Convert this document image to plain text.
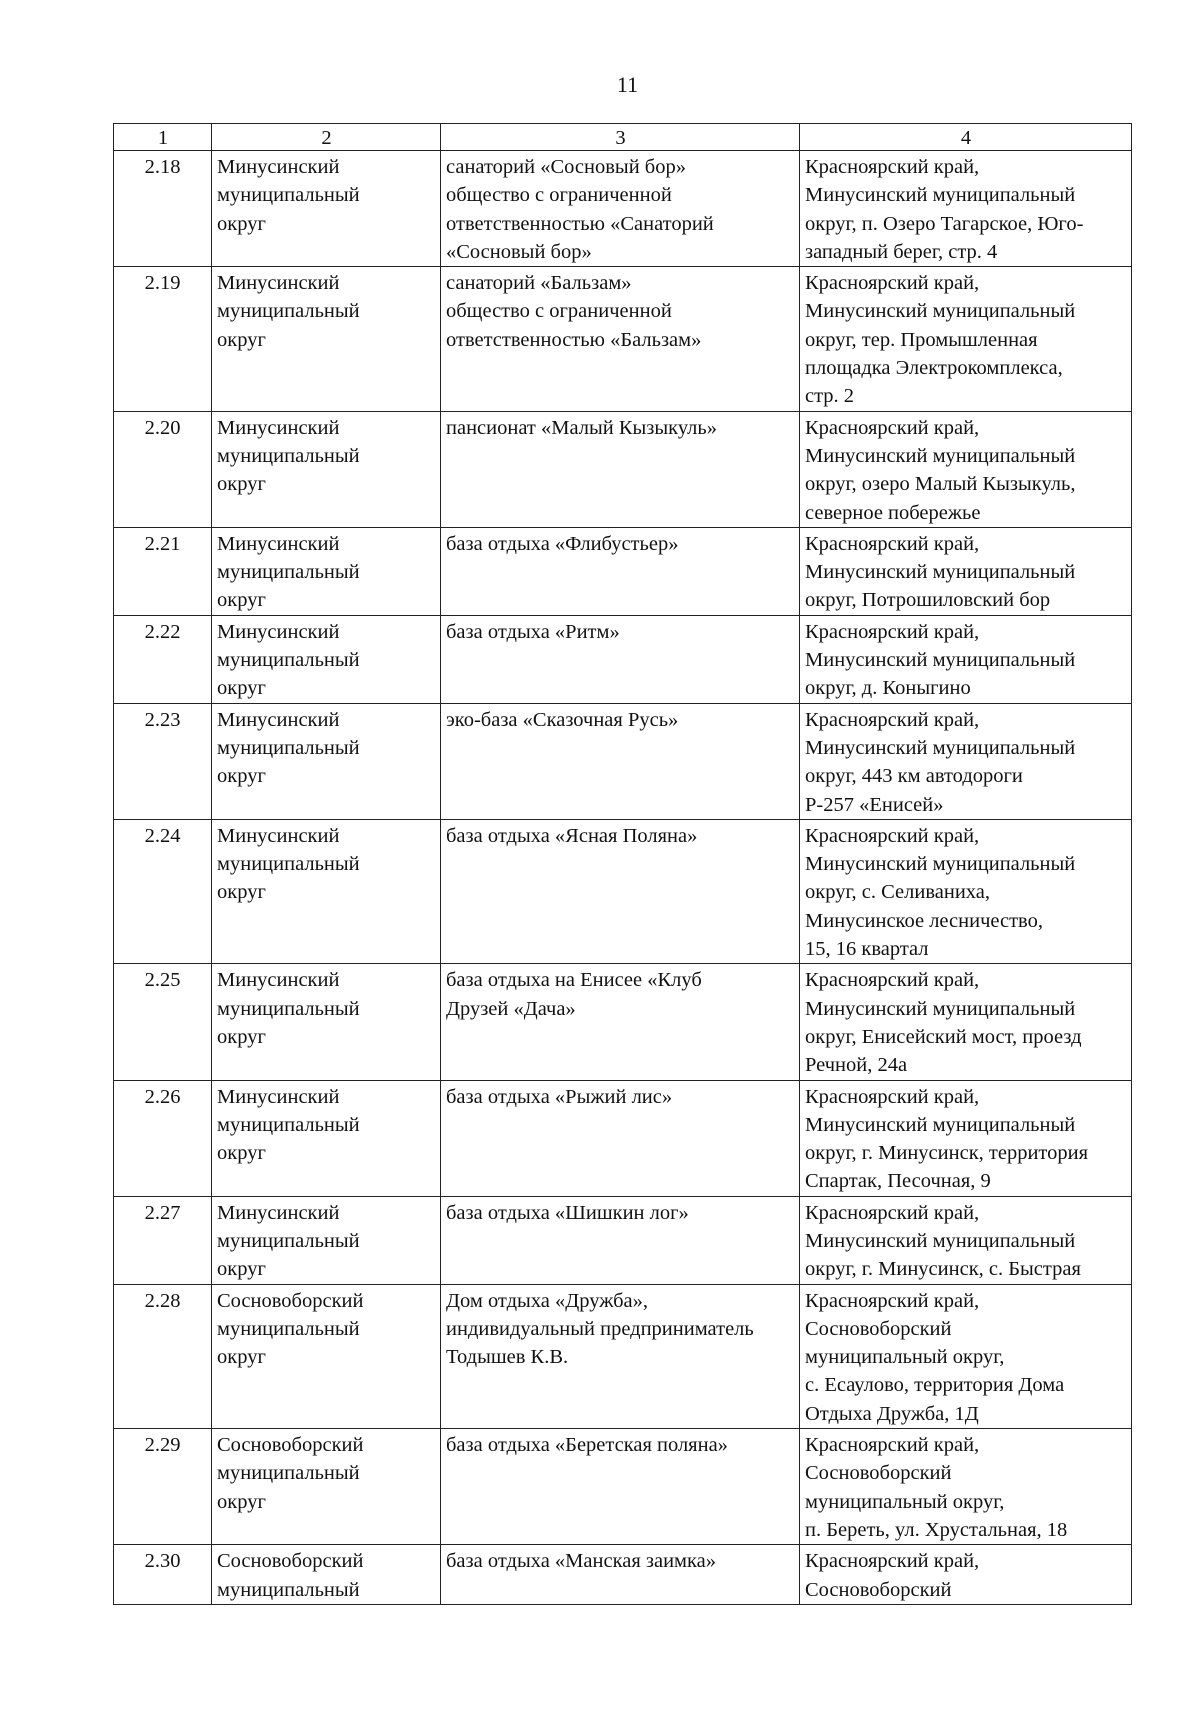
11
1	2	3	4
2.18	Минусинский
муниципальный
округ	санаторий «Сосновый бор»
общество с ограниченной
ответственностью «Санаторий
«Сосновый бор»	Красноярский край,
Минусинский муниципальный
округ, п. Озеро Тагарское, Юго-
западный берег, стр. 4
2.19	Минусинский
муниципальный
округ	санаторий «Бальзам»
общество с ограниченной
ответственностью «Бальзам»	Красноярский край,
Минусинский муниципальный
округ, тер. Промышленная
площадка Электрокомплекса,
стр. 2
2.20	Минусинский
муниципальный
округ	пансионат «Малый Кызыкуль»	Красноярский край,
Минусинский муниципальный
округ, озеро Малый Кызыкуль,
северное побережье
2.21	Минусинский
муниципальный
округ	база отдыха «Флибустьер»	Красноярский край,
Минусинский муниципальный
округ, Потрошиловский бор
2.22	Минусинский
муниципальный
округ	база отдыха «Ритм»	Красноярский край,
Минусинский муниципальный
округ, д. Коныгино
2.23	Минусинский
муниципальный
округ	эко-база «Сказочная Русь»	Красноярский край,
Минусинский муниципальный
округ, 443 км автодороги
Р-257 «Енисей»
2.24	Минусинский
муниципальный
округ	база отдыха «Ясная Поляна»	Красноярский край,
Минусинский муниципальный
округ, с. Селиваниха,
Минусинское лесничество,
15, 16 квартал
2.25	Минусинский
муниципальный
округ	база отдыха на Енисее «Клуб
Друзей «Дача»	Красноярский край,
Минусинский муниципальный
округ, Енисейский мост, проезд
Речной, 24а
2.26	Минусинский
муниципальный
округ	база отдыха «Рыжий лис»	Красноярский край,
Минусинский муниципальный
округ, г. Минусинск, территория
Спартак, Песочная, 9
2.27	Минусинский
муниципальный
округ	база отдыха «Шишкин лог»	Красноярский край,
Минусинский муниципальный
округ, г. Минусинск, с. Быстрая
2.28	Сосновоборский
муниципальный
округ	Дом отдыха «Дружба»,
индивидуальный предприниматель
Тодышев К.В.	Красноярский край,
Сосновоборский
муниципальный округ,
с. Есаулово, территория Дома
Отдыха Дружба, 1Д
2.29	Сосновоборский
муниципальный
округ	база отдыха «Беретская поляна»	Красноярский край,
Сосновоборский
муниципальный округ,
п. Береть, ул. Хрустальная, 18
2.30	Сосновоборский
муниципальный	база отдыха «Манская заимка»	Красноярский край,
Сосновоборский
